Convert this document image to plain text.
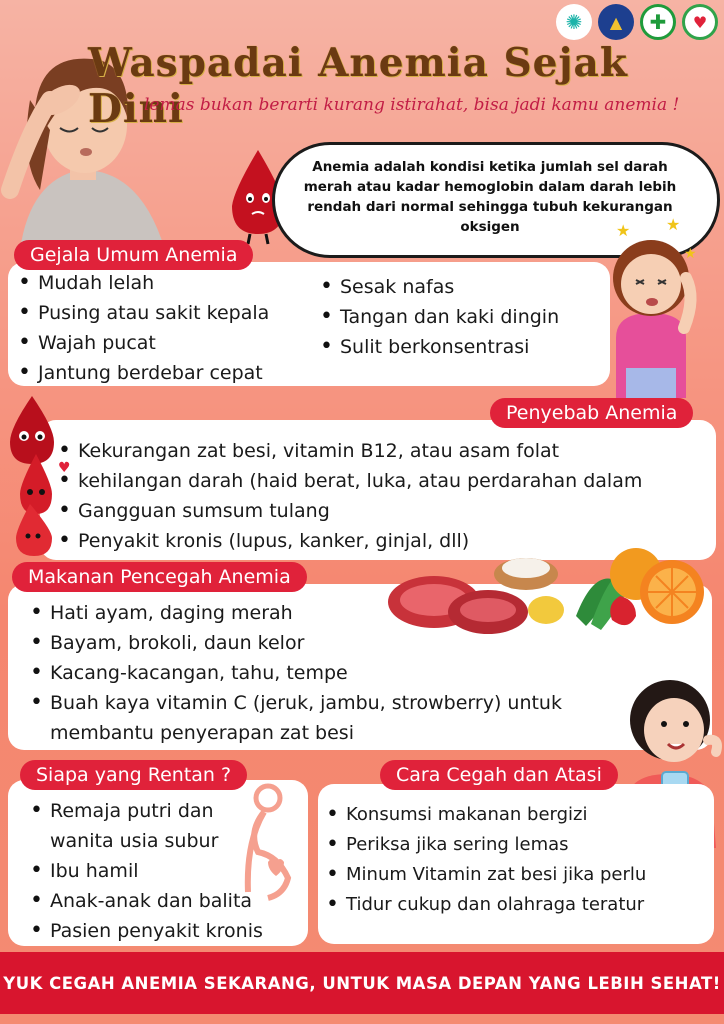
✺	▲	✚	♥
Waspadai Anemia Sejak Dini
lemas bukan berarti kurang istirahat, bisa jadi kamu anemia !
Anemia adalah kondisi ketika jumlah sel darah merah atau kadar hemoglobin dalam darah lebih rendah dari normal sehingga tubuh kekurangan oksigen	★ ★
★
Gejala Umum Anemia
• Mudah lelah
• Pusing atau sakit kepala
• Wajah pucat
• Jantung berdebar cepat
• Sesak nafas
• Tangan dan kaki dingin
• Sulit berkonsentrasi
Penyebab Anemia
♥
• Kekurangan zat besi, vitamin B12, atau asam folat
• kehilangan darah (haid berat, luka, atau perdarahan dalam
• Gangguan sumsum tulang
• Penyakit kronis (lupus, kanker, ginjal, dll)
Makanan Pencegah Anemia
• Hati ayam, daging merah
• Bayam, brokoli, daun kelor
• Kacang-kacangan, tahu, tempe
• Buah kaya vitamin C (jeruk, jambu, strowberry) untuk membantu penyerapan zat besi
Siapa yang Rentan ?
• Remaja putri dan wanita usia subur
• Ibu hamil
• Anak-anak dan balita
• Pasien penyakit kronis
Cara Cegah dan Atasi
• Konsumsi makanan bergizi
• Periksa jika sering lemas
• Minum Vitamin zat besi jika perlu
• Tidur cukup dan olahraga teratur
YUK CEGAH ANEMIA SEKARANG, UNTUK MASA DEPAN YANG LEBIH SEHAT!
